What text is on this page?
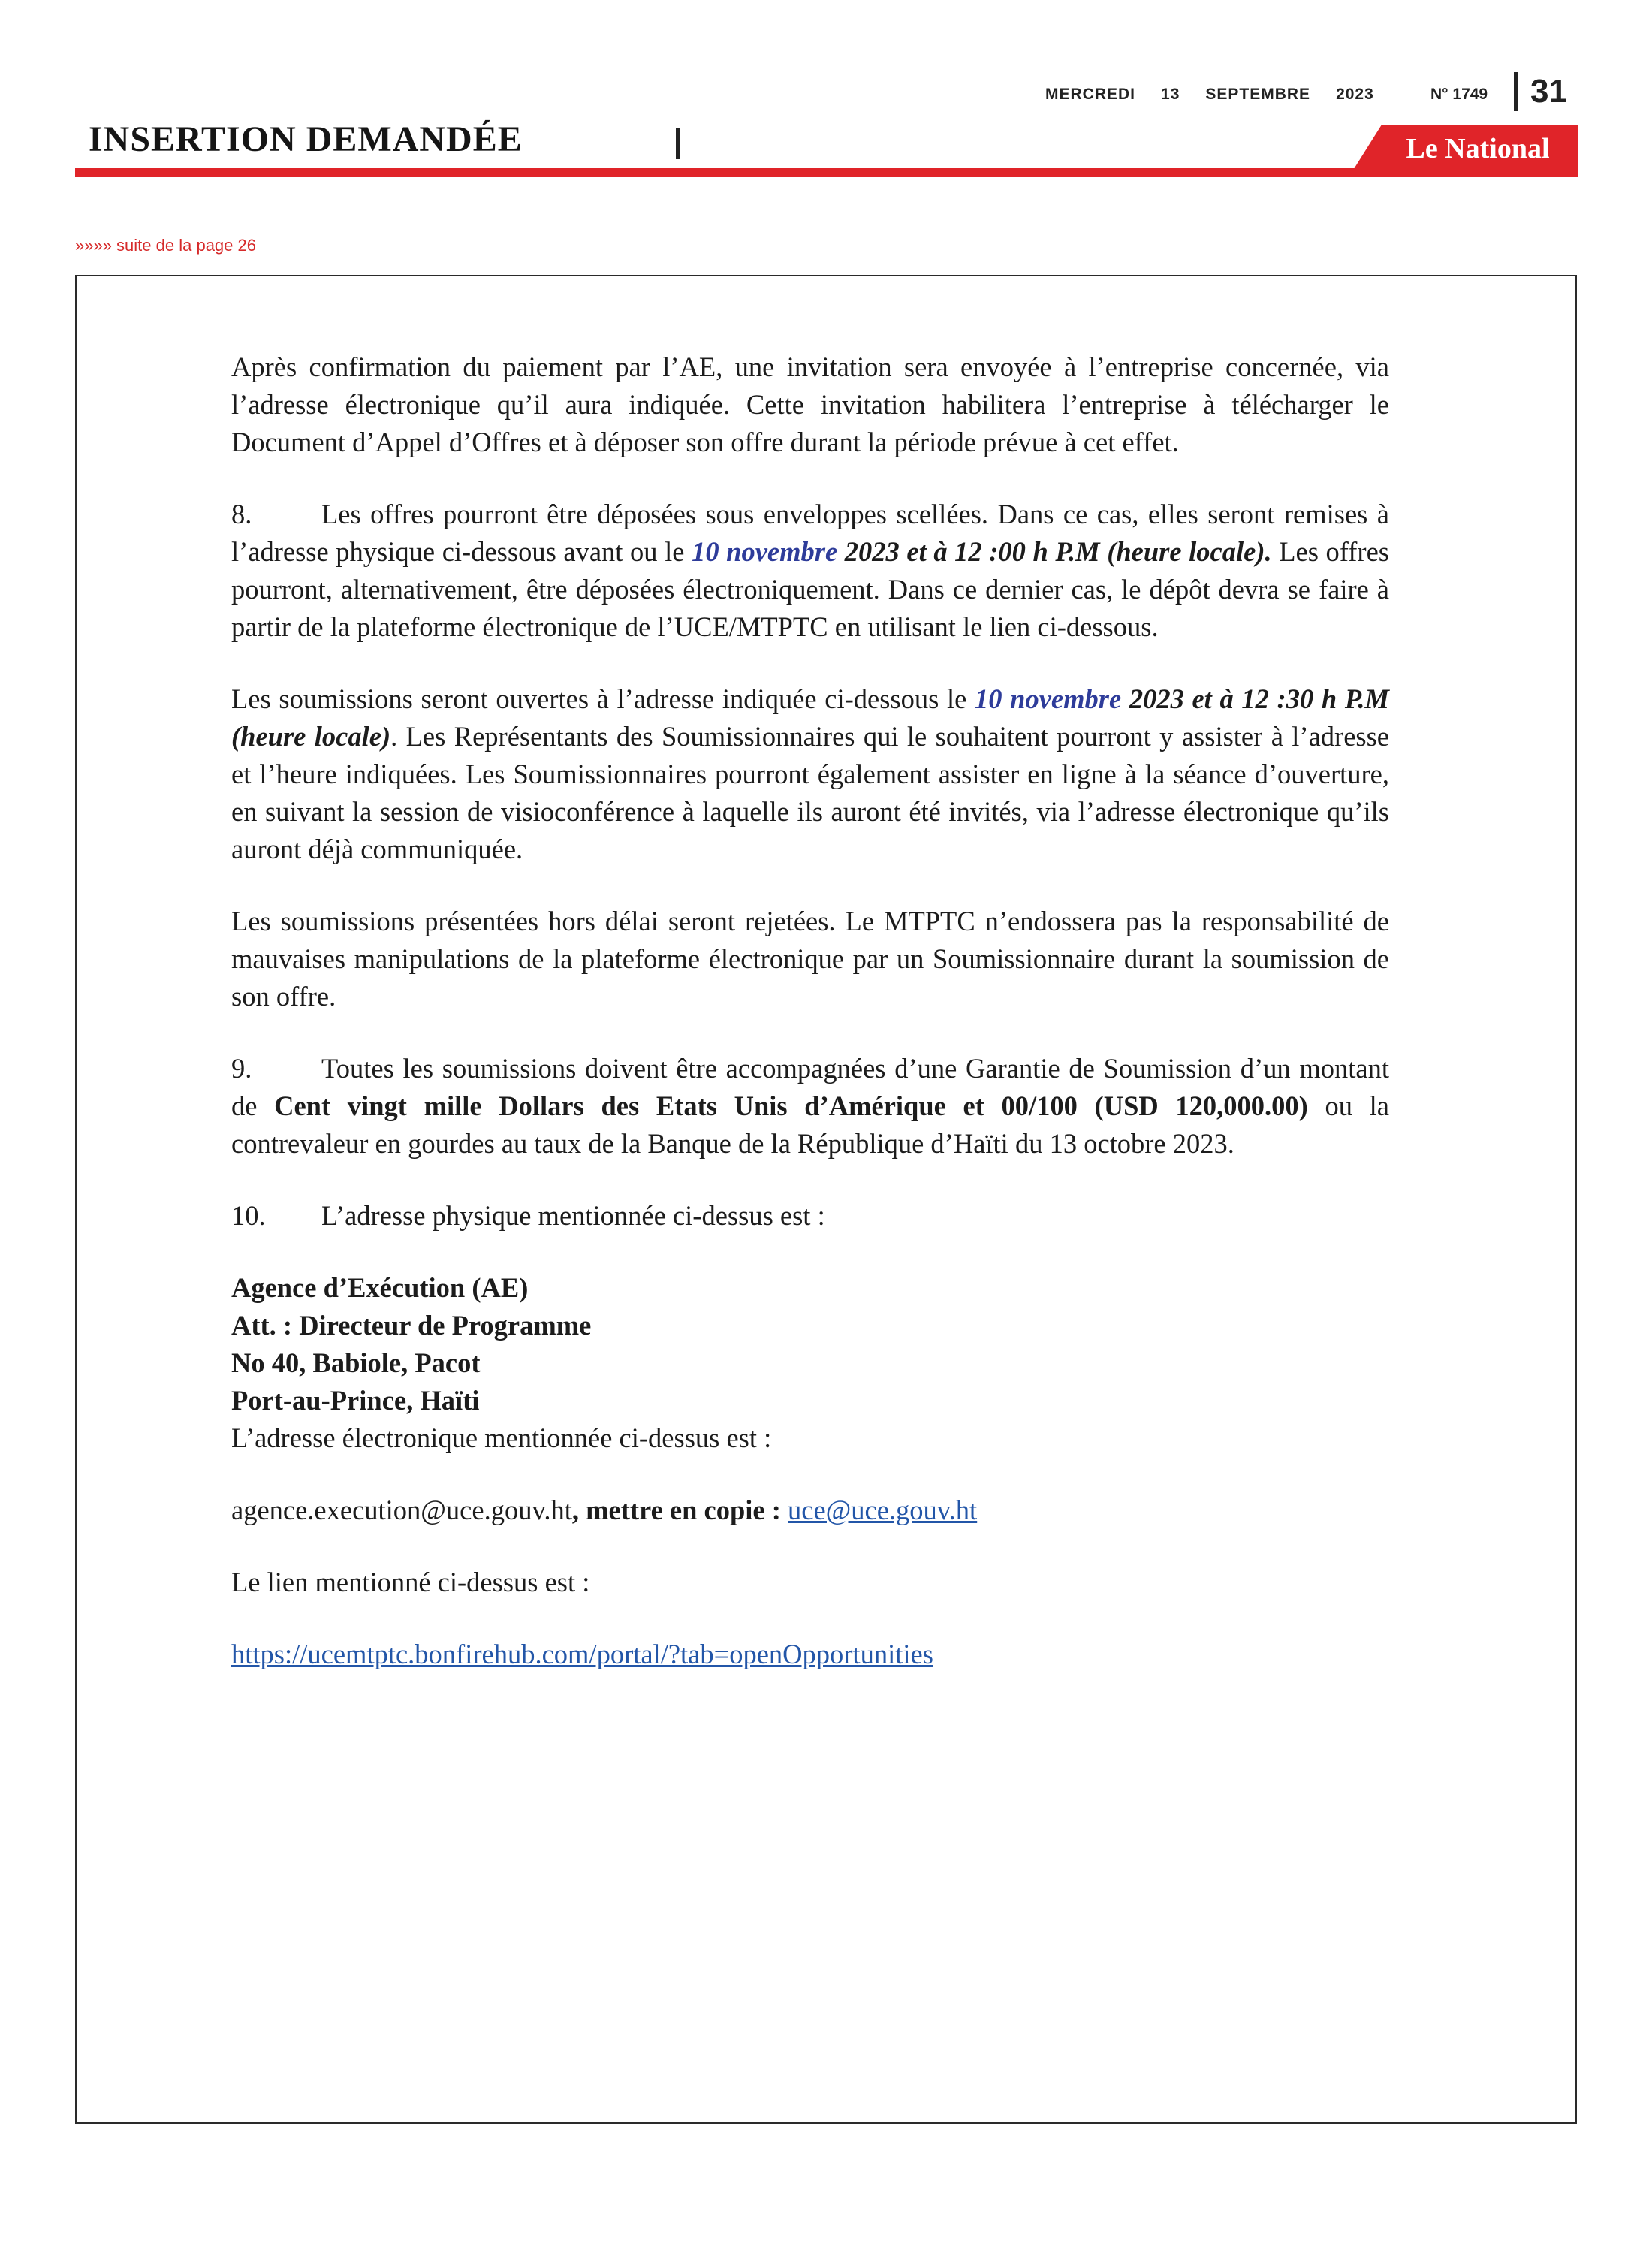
MERCREDI 13 SEPTEMBRE 2023	N° 1749 31
INSERTION DEMANDÉE	Le National
»»»» suite de la page 26

Après confirmation du paiement par l’AE, une invitation sera envoyée à l’entreprise concernée, via l’adresse électronique qu’il aura indiquée. Cette invitation habilitera l’entreprise à télécharger le Document d’Appel d’Offres et à déposer son offre durant la période prévue à cet effet.

8.	Les offres pourront être déposées sous enveloppes scellées. Dans ce cas, elles seront remises à l’adresse physique ci-dessous avant ou le 10 novembre 2023 et à 12 :00 h P.M (heure locale). Les offres pourront, alternativement, être déposées électroniquement. Dans ce dernier cas, le dépôt devra se faire à partir de la plateforme électronique de l’UCE/MTPTC en utilisant le lien ci-dessous.

Les soumissions seront ouvertes à l’adresse indiquée ci-dessous le 10 novembre 2023 et à 12 :30 h P.M (heure locale). Les Représentants des Soumissionnaires qui le souhaitent pourront y assister à l’adresse et l’heure indiquées. Les Soumissionnaires pourront également assister en ligne à la séance d’ouverture, en suivant la session de visioconférence à laquelle ils auront été invités, via l’adresse électronique qu’ils auront déjà communiquée.

Les soumissions présentées hors délai seront rejetées. Le MTPTC n’endossera pas la responsabilité de mauvaises manipulations de la plateforme électronique par un Soumissionnaire durant la soumission de son offre.

9.	Toutes les soumissions doivent être accompagnées d’une Garantie de Soumission d’un montant de Cent vingt mille Dollars des Etats Unis d’Amérique et 00/100 (USD 120,000.00) ou la contrevaleur en gourdes au taux de la Banque de la République d’Haïti du 13 octobre 2023.

10. L’adresse physique mentionnée ci-dessus est :

Agence d’Exécution (AE)
Att. : Directeur de Programme
No 40, Babiole, Pacot
Port-au-Prince, Haïti
L’adresse électronique mentionnée ci-dessus est :

agence.execution@uce.gouv.ht, mettre en copie : uce@uce.gouv.ht

Le lien mentionné ci-dessus est :

https://ucemtptc.bonfirehub.com/portal/?tab=openOpportunities
